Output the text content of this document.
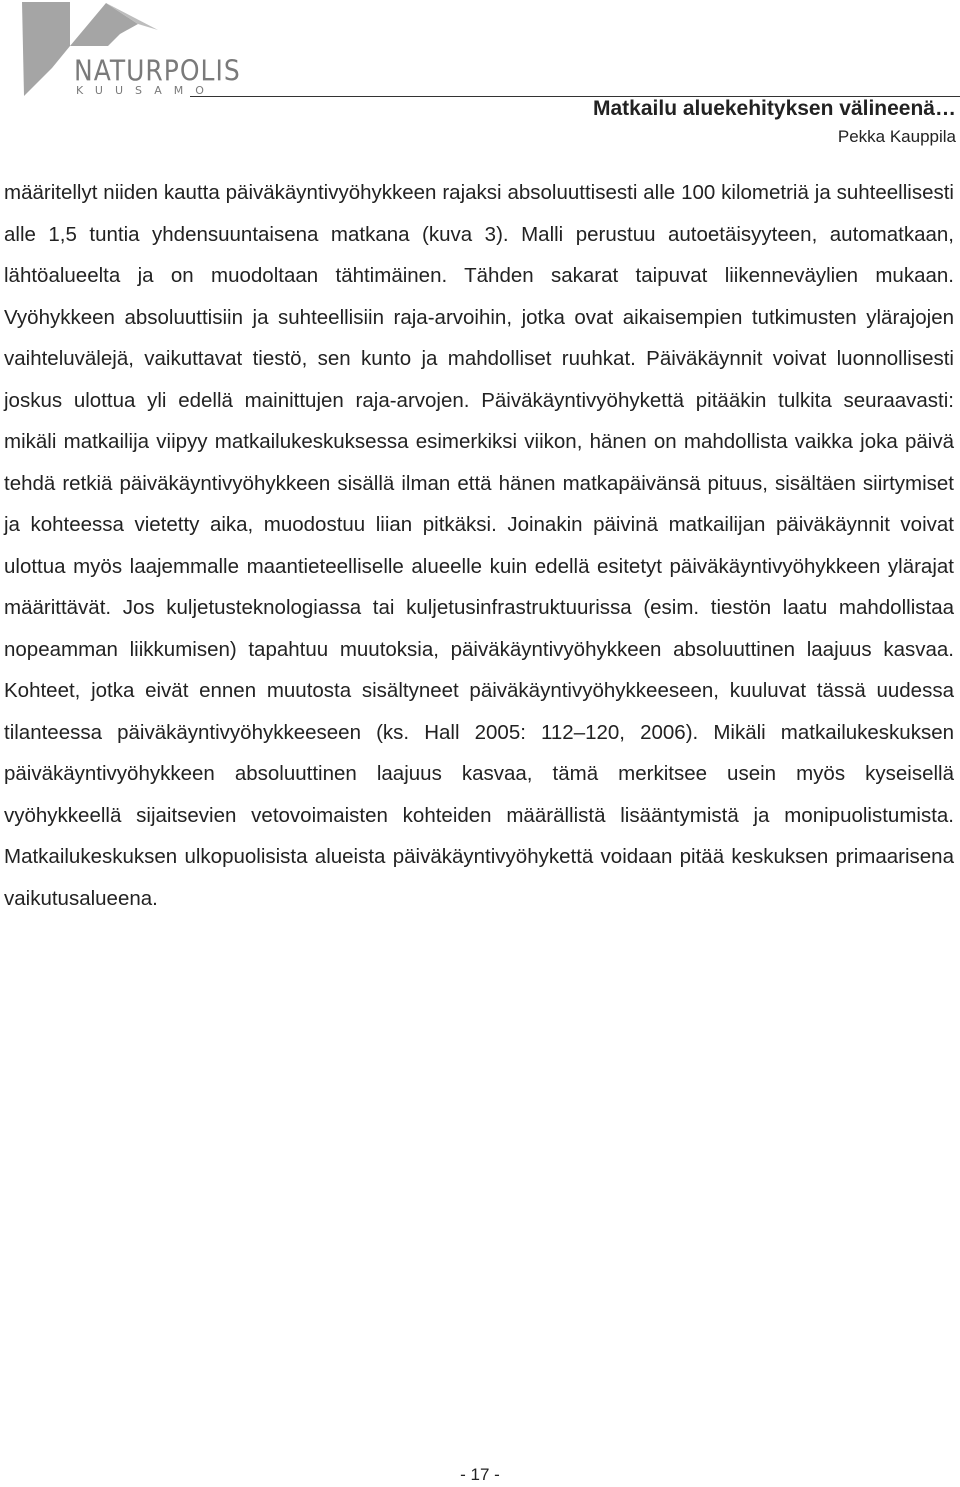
NATURPOLIS
KUUSAMO
Matkailu aluekehityksen välineenä…
Pekka Kauppila

määritellyt niiden kautta päiväkäyntivyöhykkeen rajaksi absoluuttisesti alle 100 kilometriä ja suhteellisesti alle 1,5 tuntia yhdensuuntaisena matkana (kuva 3). Malli perustuu autoetäisyyteen, automatkaan, lähtöalueelta ja on muodoltaan tähtimäinen. Tähden sakarat taipuvat liikenneväylien mukaan. Vyöhykkeen absoluuttisiin ja suhteellisiin raja-arvoihin, jotka ovat aikaisempien tutkimusten ylärajojen vaihteluvälejä, vaikuttavat tiestö, sen kunto ja mahdolliset ruuhkat. Päiväkäynnit voivat luonnollisesti joskus ulottua yli edellä mainittujen raja-arvojen. Päiväkäyntivyöhykettä pitääkin tulkita seuraavasti: mikäli matkailija viipyy matkailukeskuksessa esimerkiksi viikon, hänen on mahdollista vaikka joka päivä tehdä retkiä päiväkäyntivyöhykkeen sisällä ilman että hänen matkapäivänsä pituus, sisältäen siirtymiset ja kohteessa vietetty aika, muodostuu liian pitkäksi. Joinakin päivinä matkailijan päiväkäynnit voivat ulottua myös laajemmalle maantieteelliselle alueelle kuin edellä esitetyt päiväkäyntivyöhykkeen ylärajat määrittävät. Jos kuljetusteknologiassa tai kuljetusinfrastruktuurissa (esim. tiestön laatu mahdollistaa nopeamman liikkumisen) tapahtuu muutoksia, päiväkäyntivyöhykkeen absoluuttinen laajuus kasvaa. Kohteet, jotka eivät ennen muutosta sisältyneet päiväkäyntivyöhykkeeseen, kuuluvat tässä uudessa tilanteessa päiväkäyntivyöhykkeeseen (ks. Hall 2005: 112–120, 2006). Mikäli matkailukeskuksen päiväkäyntivyöhykkeen absoluuttinen laajuus kasvaa, tämä merkitsee usein myös kyseisellä vyöhykkeellä sijaitsevien vetovoimaisten kohteiden määrällistä lisääntymistä ja monipuolistumista. Matkailukeskuksen ulkopuolisista alueista päiväkäyntivyöhykettä voidaan pitää keskuksen primaarisena vaikutusalueena.

- 17 -
